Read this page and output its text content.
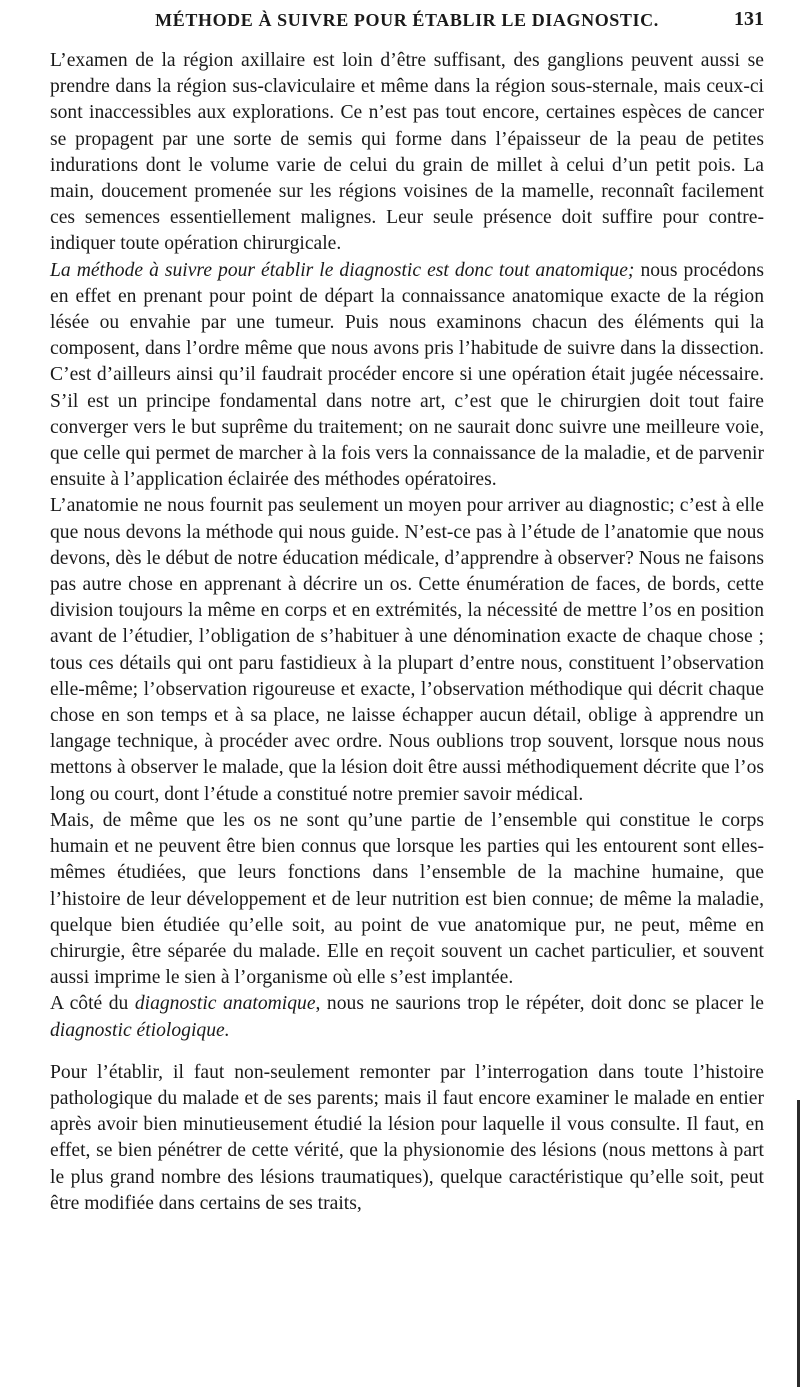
MÉTHODE À SUIVRE POUR ÉTABLIR LE DIAGNOSTIC.	131

L’examen de la région axillaire est loin d’être suffisant, des ganglions peuvent aussi se prendre dans la région sus-claviculaire et même dans la région sous-sternale, mais ceux-ci sont inaccessibles aux explorations. Ce n’est pas tout encore, certaines espèces de cancer se propagent par une sorte de semis qui forme dans l’épaisseur de la peau de petites indurations dont le volume varie de celui du grain de millet à celui d’un petit pois. La main, doucement promenée sur les régions voisines de la mamelle, reconnaît facilement ces semences essentiellement malignes. Leur seule présence doit suffire pour contre-indiquer toute opération chirurgicale.

La méthode à suivre pour établir le diagnostic est donc tout anatomique; nous procédons en effet en prenant pour point de départ la connaissance anatomique exacte de la région lésée ou envahie par une tumeur. Puis nous examinons chacun des éléments qui la composent, dans l’ordre même que nous avons pris l’habitude de suivre dans la dissection. C’est d’ailleurs ainsi qu’il faudrait procéder encore si une opération était jugée nécessaire. S’il est un principe fondamental dans notre art, c’est que le chirurgien doit tout faire converger vers le but suprême du traitement; on ne saurait donc suivre une meilleure voie, que celle qui permet de marcher à la fois vers la connaissance de la maladie, et de parvenir ensuite à l’application éclairée des méthodes opératoires.

L’anatomie ne nous fournit pas seulement un moyen pour arriver au diagnostic; c’est à elle que nous devons la méthode qui nous guide. N’est-ce pas à l’étude de l’anatomie que nous devons, dès le début de notre éducation médicale, d’apprendre à observer? Nous ne faisons pas autre chose en apprenant à décrire un os. Cette énumération de faces, de bords, cette division toujours la même en corps et en extrémités, la nécessité de mettre l’os en position avant de l’étudier, l’obligation de s’habituer à une dénomination exacte de chaque chose ; tous ces détails qui ont paru fastidieux à la plupart d’entre nous, constituent l’observation elle-même; l’observation rigoureuse et exacte, l’observation méthodique qui décrit chaque chose en son temps et à sa place, ne laisse échapper aucun détail, oblige à apprendre un langage technique, à procéder avec ordre. Nous oublions trop souvent, lorsque nous nous mettons à observer le malade, que la lésion doit être aussi méthodiquement décrite que l’os long ou court, dont l’étude a constitué notre premier savoir médical.

Mais, de même que les os ne sont qu’une partie de l’ensemble qui constitue le corps humain et ne peuvent être bien connus que lorsque les parties qui les entourent sont elles-mêmes étudiées, que leurs fonctions dans l’ensemble de la machine humaine, que l’histoire de leur développement et de leur nutrition est bien connue; de même la maladie, quelque bien étudiée qu’elle soit, au point de vue anatomique pur, ne peut, même en chirurgie, être séparée du malade. Elle en reçoit souvent un cachet particulier, et souvent aussi imprime le sien à l’organisme où elle s’est implantée.

A côté du diagnostic anatomique, nous ne saurions trop le répéter, doit donc se placer le diagnostic étiologique.

Pour l’établir, il faut non-seulement remonter par l’interrogation dans toute l’histoire pathologique du malade et de ses parents; mais il faut encore examiner le malade en entier après avoir bien minutieusement étudié la lésion pour laquelle il vous consulte. Il faut, en effet, se bien pénétrer de cette vérité, que la physionomie des lésions (nous mettons à part le plus grand nombre des lésions traumatiques), quelque caractéristique qu’elle soit, peut être modifiée dans certains de ses traits,
